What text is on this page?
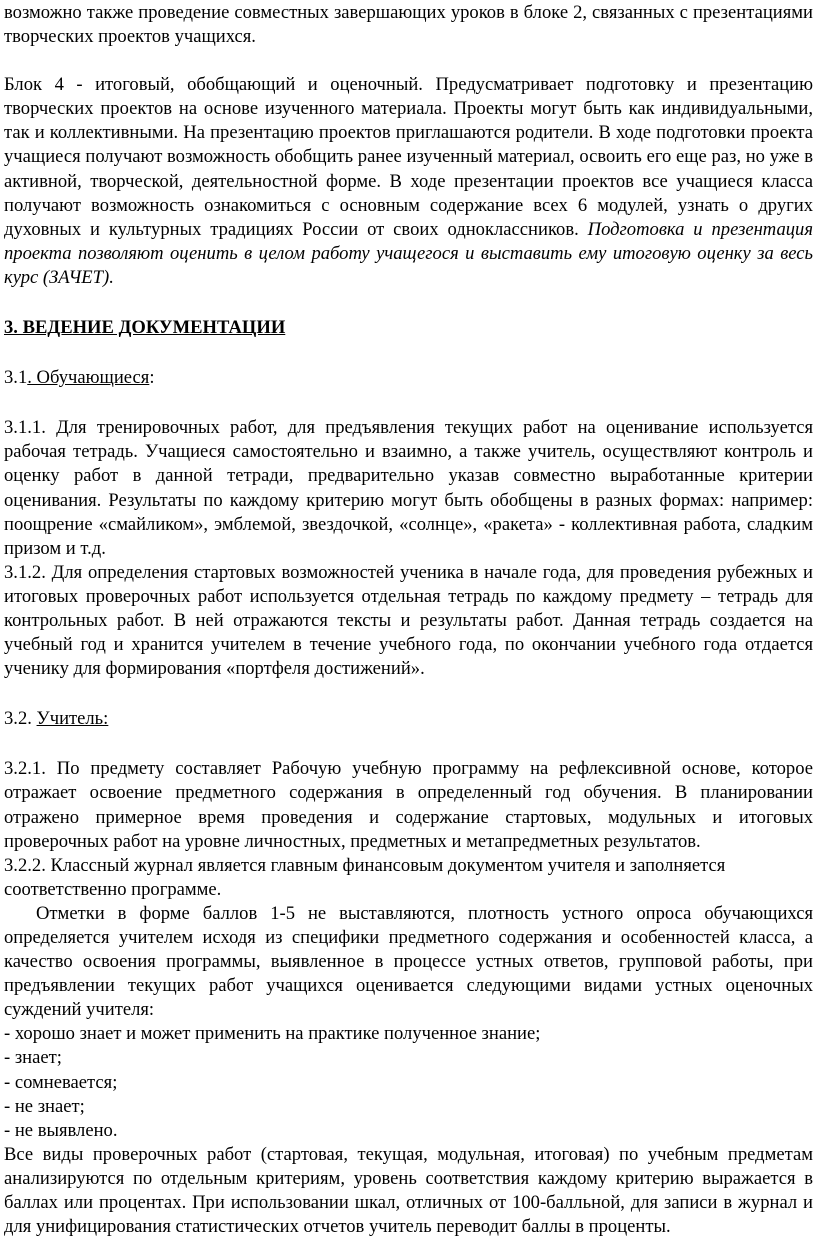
возможно также проведение совместных завершающих уроков в блоке 2, связанных с презентациями творческих проектов учащихся.

Блок 4 - итоговый, обобщающий и оценочный. Предусматривает подготовку и презентацию творческих проектов на основе изученного материала. Проекты могут быть как индивидуальными, так и коллективными. На презентацию проектов приглашаются родители. В ходе подготовки проекта учащиеся получают возможность обобщить ранее изученный материал, освоить его еще раз, но уже в активной, творческой, деятельностной форме. В ходе презентации проектов все учащиеся класса получают возможность ознакомиться с основным содержание всех 6 модулей, узнать о других духовных и культурных традициях России от своих одноклассников. Подготовка и презентация проекта позволяют оценить в целом работу учащегося и выставить ему итоговую оценку за весь курс (ЗАЧЕТ).

3. ВЕДЕНИЕ ДОКУМЕНТАЦИИ

3.1. Обучающиеся:

3.1.1. Для тренировочных работ, для предъявления текущих работ на оценивание используется рабочая тетрадь. Учащиеся самостоятельно и взаимно, а также учитель, осуществляют контроль и оценку работ в данной тетради, предварительно указав совместно выработанные критерии оценивания. Результаты по каждому критерию могут быть обобщены в разных формах: например: поощрение «смайликом», эмблемой, звездочкой, «солнце», «ракета» - коллективная работа, сладким призом и т.д.

3.1.2. Для определения стартовых возможностей ученика в начале года, для проведения рубежных и итоговых проверочных работ используется отдельная тетрадь по каждому предмету – тетрадь для контрольных работ. В ней отражаются тексты и результаты работ. Данная тетрадь создается на учебный год и хранится учителем в течение учебного года, по окончании учебного года отдается ученику для формирования «портфеля достижений».

3.2. Учитель:

3.2.1. По предмету составляет Рабочую учебную программу на рефлексивной основе, которое отражает освоение предметного содержания в определенный год обучения. В планировании отражено примерное время проведения и содержание стартовых, модульных и итоговых проверочных работ на уровне личностных, предметных и метапредметных результатов.

3.2.2. Классный журнал является главным финансовым документом учителя и заполняется соответственно программе.

Отметки в форме баллов 1-5 не выставляются, плотность устного опроса обучающихся определяется учителем исходя из специфики предметного содержания и особенностей класса, а качество освоения программы, выявленное в процессе устных ответов, групповой работы, при предъявлении текущих работ учащихся оценивается следующими видами устных оценочных суждений учителя:

- хорошо знает и может применить на практике полученное знание;

- знает;

- сомневается;

- не знает;

- не выявлено.

Все виды проверочных работ (стартовая, текущая, модульная, итоговая) по учебным предметам анализируются по отдельным критериям, уровень соответствия каждому критерию выражается в баллах или процентах. При использовании шкал, отличных от 100-балльной, для записи в журнал и для унифицирования статистических отчетов учитель переводит баллы в проценты.
